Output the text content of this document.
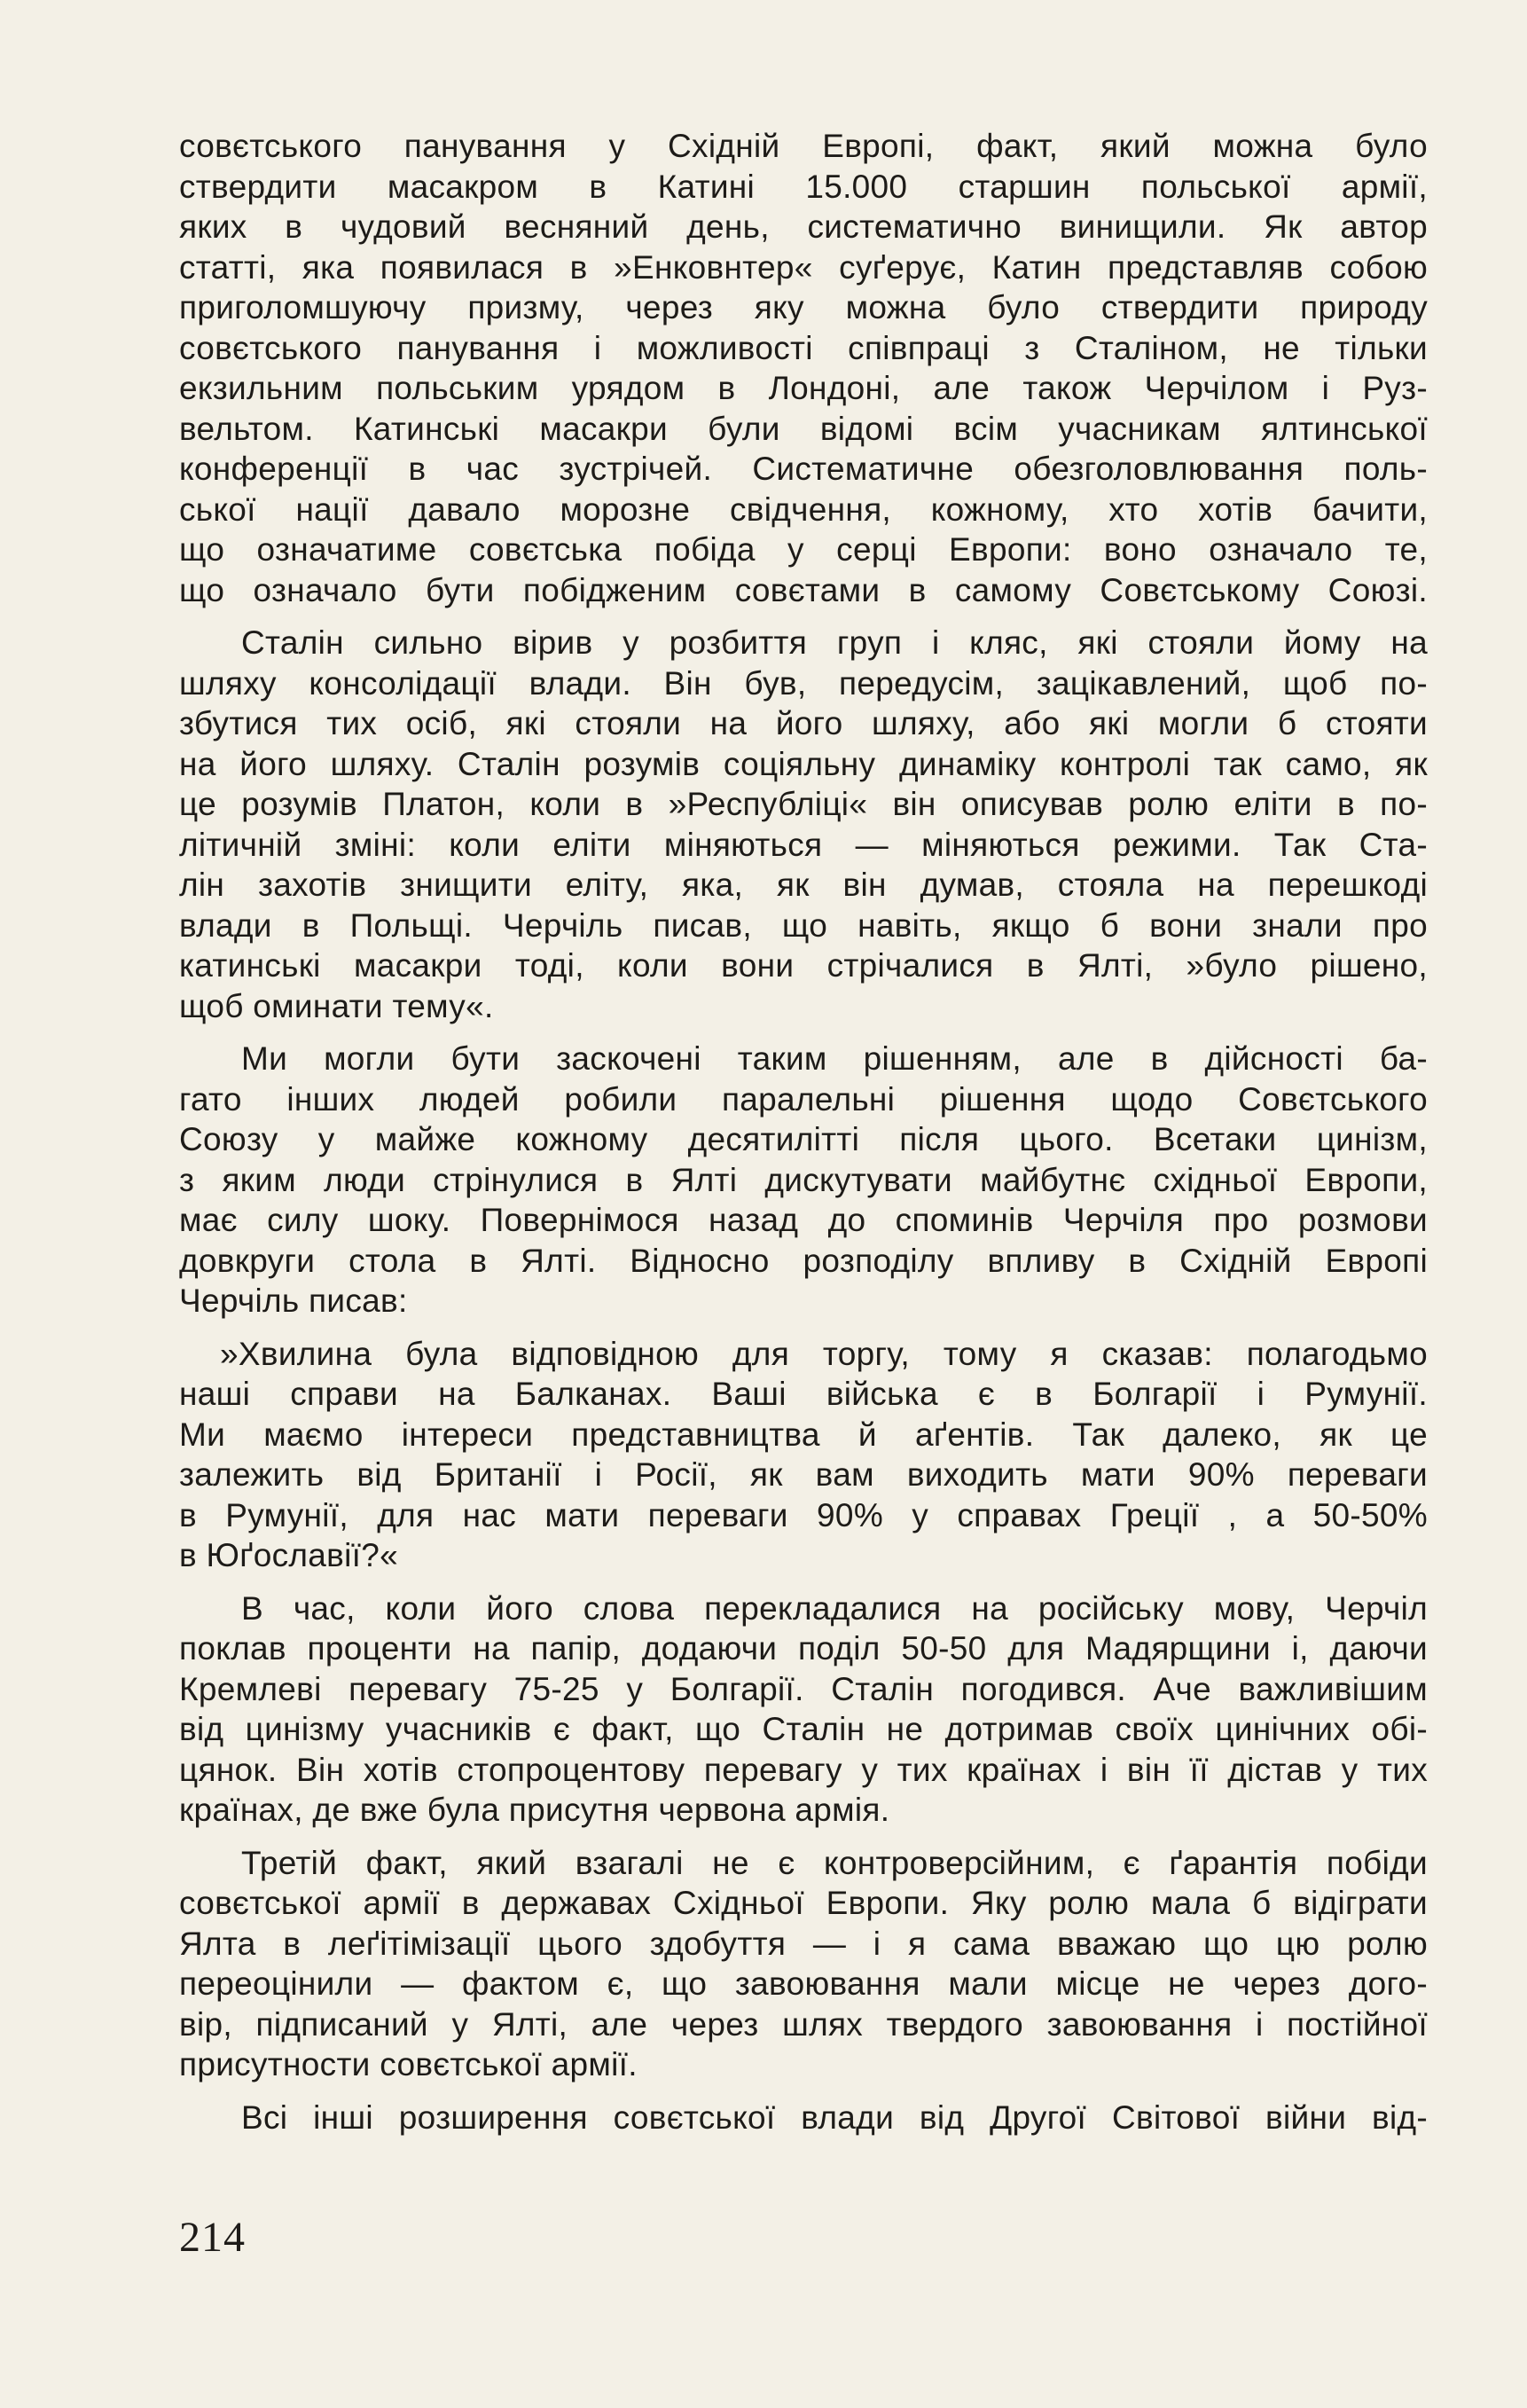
совєтського панування у Східній Европі, факт, який можна було
ствердити масакром в Катині 15.000 старшин польської армії,
яких в чудовий весняний день, систематично винищили. Як автор
статті, яка появилася в »Енковнтер« суґерує, Катин представляв собою
приголомшуючу призму, через яку можна було ствердити природу
совєтського панування і можливості співпраці з Сталіном, не тільки
екзильним польським урядом в Лондоні, але також Черчілом і Руз-
вельтом. Катинські масакри були відомі всім учасникам ялтинської
конференції в час зустрічей. Систематичне обезголовлювання поль-
ської нації давало морозне свідчення, кожному, хто хотів бачити,
що означатиме совєтська побіда у серці Европи: воно означало те,
що означало бути побідженим совєтами в самому Совєтському Союзі.
Сталін сильно вірив у розбиття груп і кляс, які стояли йому на
шляху консолідації влади. Він був, передусім, зацікавлений, щоб по-
збутися тих осіб, які стояли на його шляху, або які могли б стояти
на його шляху. Сталін розумів соціяльну динаміку контролі так само, як
це розумів Платон, коли в »Республіці« він описував ролю еліти в по-
літичній зміні: коли еліти міняються — міняються режими. Так Ста-
лін захотів знищити еліту, яка, як він думав, стояла на перешкоді
влади в Польщі. Черчіль писав, що навіть, якщо б вони знали про
катинські масакри тоді, коли вони стрічалися в Ялті, »було рішено,
щоб оминати тему«.
Ми могли бути заскочені таким рішенням, але в дійсності ба-
гато інших людей робили паралельні рішення щодо Совєтського
Союзу у майже кожному десятилітті після цього. Всетаки цинізм,
з яким люди стрінулися в Ялті дискутувати майбутнє східньої Европи,
має силу шоку. Повернімося назад до споминів Черчіля про розмови
довкруги стола в Ялті. Відносно розподілу впливу в Східній Европі
Черчіль писав:
»Хвилина була відповідною для торгу, тому я сказав: полагодьмо
наші справи на Балканах. Ваші війська є в Болгарії і Румунії.
Ми маємо інтереси представництва й аґентів. Так далеко, як це
залежить від Британії і Росії, як вам виходить мати 90% переваги
в Румунії, для нас мати переваги 90% у справах Греції , а 50-50%
в Юґославії?«
В час, коли його слова перекладалися на російську мову, Черчіл
поклав проценти на папір, додаючи поділ 50-50 для Мадярщини і, даючи
Кремлеві перевагу 75-25 у Болгарії. Сталін погодився. Аче важливішим
від цинізму учасників є факт, що Сталін не дотримав своїх цинічних обі-
цянок. Він хотів стопроцентову перевагу у тих країнах і він її дістав у тих
країнах, де вже була присутня червона армія.
Третій факт, який взагалі не є контроверсійним, є ґарантія побіди
совєтської армії в державах Східньої Европи. Яку ролю мала б відіграти
Ялта в леґітімізації цього здобуття — і я сама вважаю що цю ролю
переоцінили — фактом є, що завоювання мали місце не через дого-
вір, підписаний у Ялті, але через шлях твердого завоювання і постійної
присутности совєтської армії.
Всі інші розширення совєтської влади від Другої Світової війни від-
214
